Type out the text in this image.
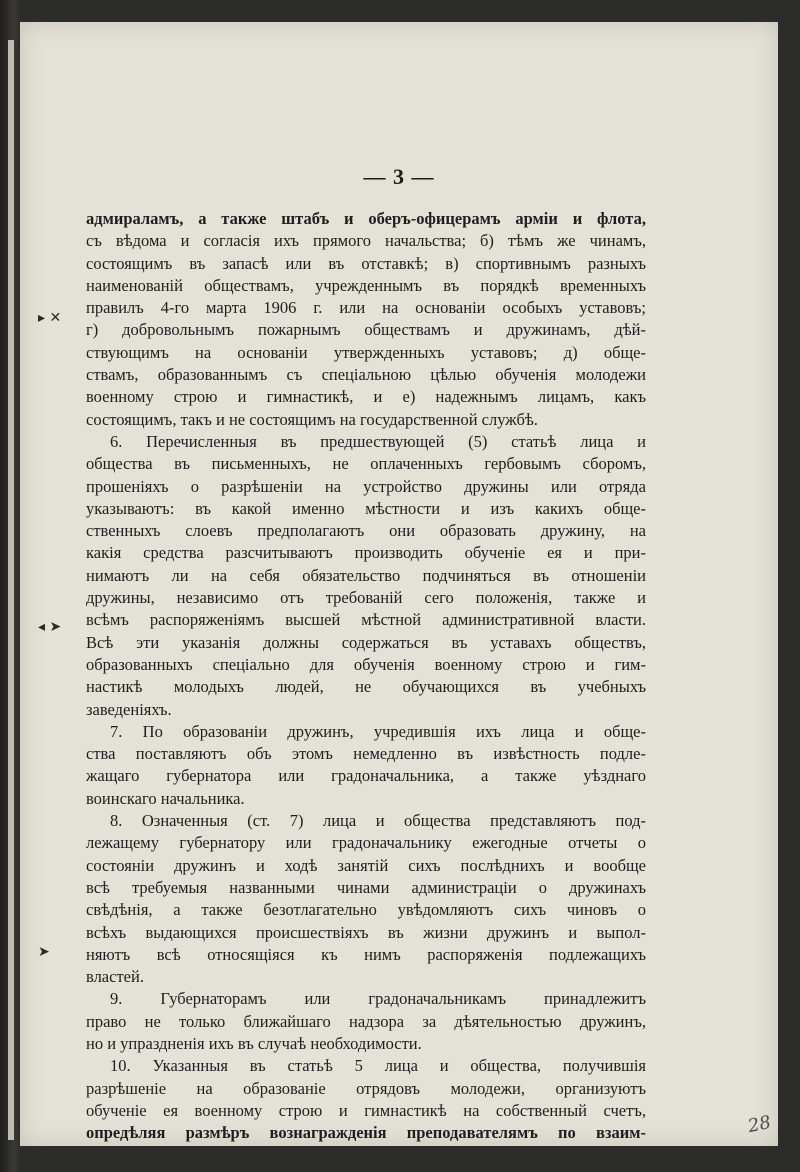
— 3 —
адмираламъ, а также штабъ и оберъ-офицерамъ арміи и флота,
съ вѣдома и согласія ихъ прямого начальства; б) тѣмъ же чинамъ,
состоящимъ въ запасѣ или въ отставкѣ; в) спортивнымъ разныхъ
наименованій обществамъ, учрежденнымъ въ порядкѣ временныхъ
правилъ 4-го марта 1906 г. или на основаніи особыхъ уставовъ;
г) добровольнымъ пожарнымъ обществамъ и дружинамъ, дѣй-
ствующимъ на основаніи утвержденныхъ уставовъ; д) обще-
ствамъ, образованнымъ съ спеціальною цѣлью обученія молодежи
военному строю и гимнастикѣ, и е) надежнымъ лицамъ, какъ
состоящимъ, такъ и не состоящимъ на государственной службѣ.
6. Перечисленныя въ предшествующей (5) статьѣ лица и
общества въ письменныхъ, не оплаченныхъ гербовымъ сборомъ,
прошеніяхъ о разрѣшеніи на устройство дружины или отряда
указываютъ: въ какой именно мѣстности и изъ какихъ обще-
ственныхъ слоевъ предполагаютъ они образовать дружину, на
какія средства разсчитываютъ производить обученіе ея и при-
нимаютъ ли на себя обязательство подчиняться въ отношеніи
дружины, независимо отъ требованій сего положенія, также и
всѣмъ распоряженіямъ высшей мѣстной административной власти.
Всѣ эти указанія должны содержаться въ уставахъ обществъ,
образованныхъ спеціально для обученія военному строю и гим-
настикѣ молодыхъ людей, не обучающихся въ учебныхъ
заведеніяхъ.
7. По образованіи дружинъ, учредившія ихъ лица и обще-
ства поставляютъ объ этомъ немедленно въ извѣстность подле-
жащаго губернатора или градоначальника, а также уѣзднаго
воинскаго начальника.
8. Означенныя (ст. 7) лица и общества представляютъ под-
лежащему губернатору или градоначальнику ежегодные отчеты о
состояніи дружинъ и ходѣ занятій сихъ послѣднихъ и вообще
всѣ требуемыя названными чинами администраціи о дружинахъ
свѣдѣнія, а также безотлагательно увѣдомляютъ сихъ чиновъ о
всѣхъ выдающихся происшествіяхъ въ жизни дружинъ и выпол-
няютъ всѣ относящіяся къ нимъ распоряженія подлежащихъ
властей.
9. Губернаторамъ или градоначальникамъ принадлежитъ
право не только ближайшаго надзора за дѣятельностью дружинъ,
но и упраздненія ихъ въ случаѣ необходимости.
10. Указанныя въ статьѣ 5 лица и общества, получившія
разрѣшеніе на образованіе отрядовъ молодежи, организуютъ
обученіе ея военному строю и гимнастикѣ на собственный счетъ,
опредѣляя размѣръ вознагражденія преподавателямъ по взаим-
▸ ✕
◂ ➤
➤
28
